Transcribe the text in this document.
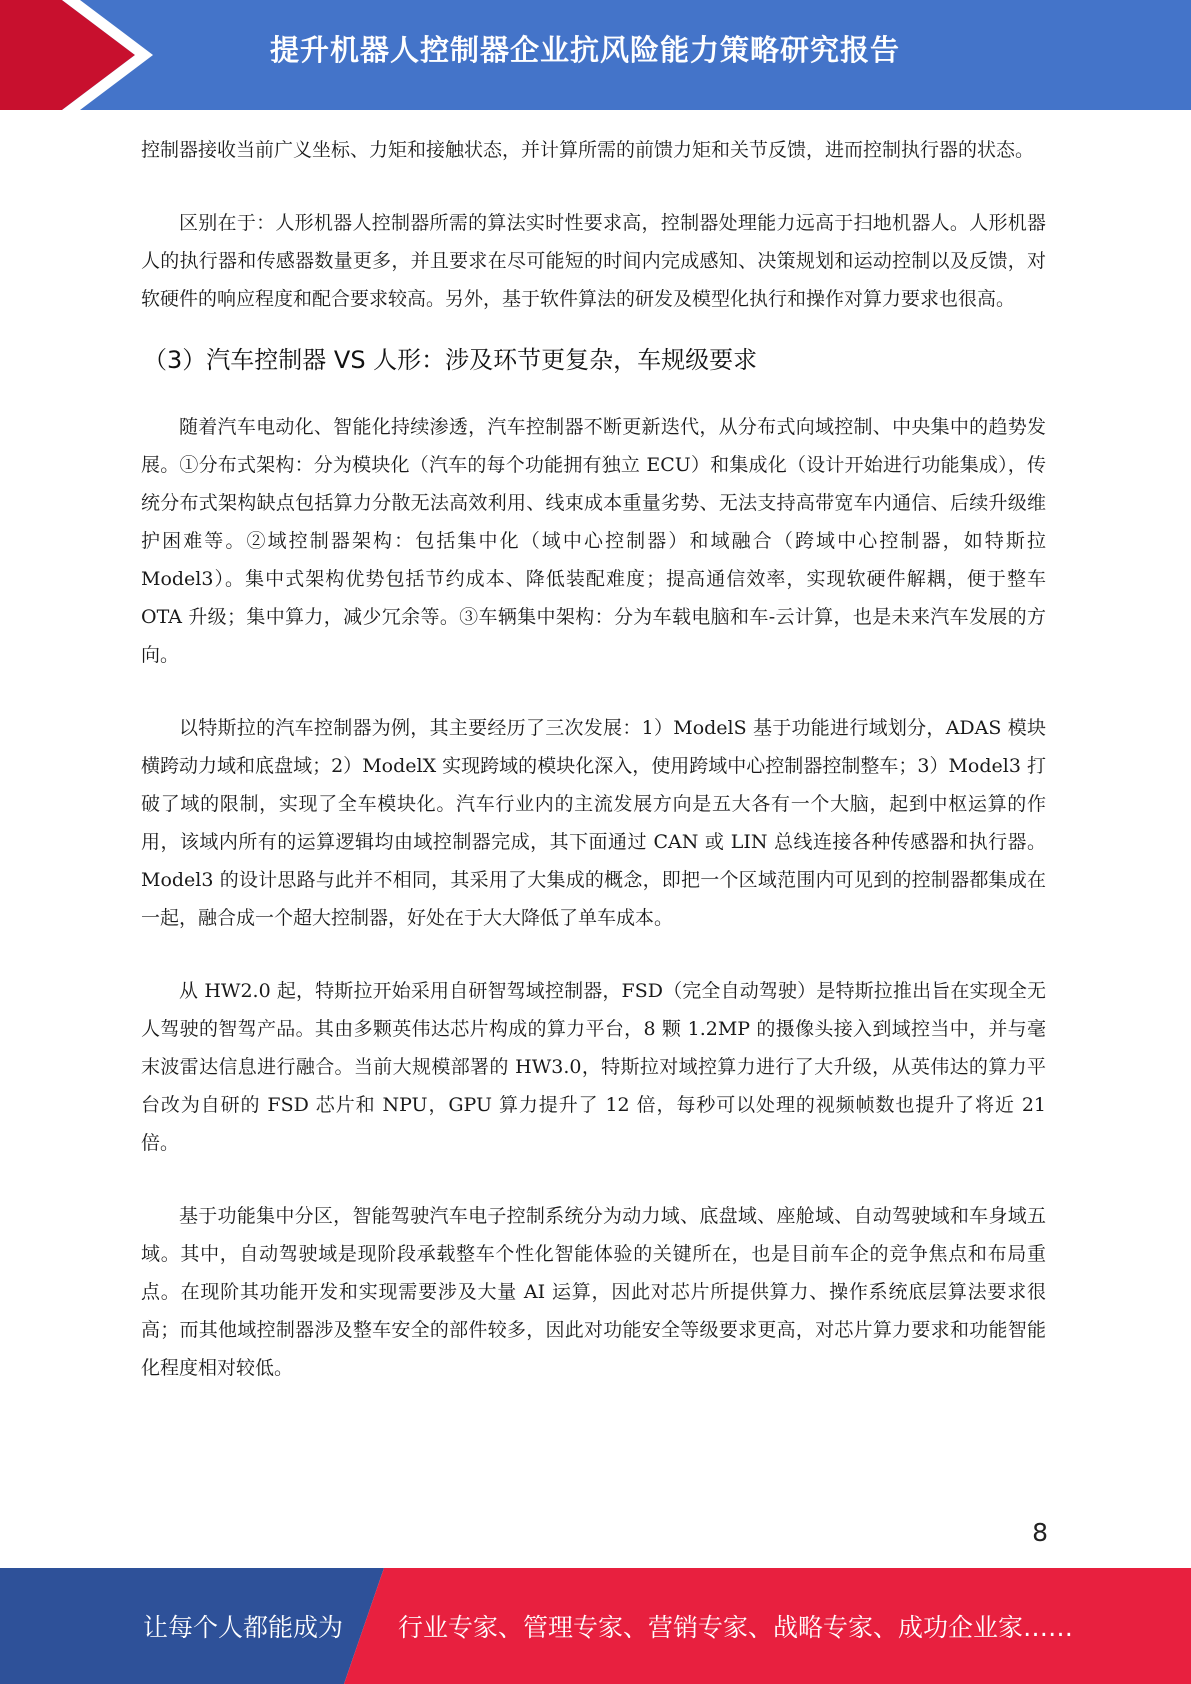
提升机器人控制器企业抗风险能力策略研究报告

控制器接收当前广义坐标、力矩和接触状态，并计算所需的前馈力矩和关节反馈，进而控制执行器的状态。

区别在于：人形机器人控制器所需的算法实时性要求高，控制器处理能力远高于扫地机器人。人形机器人的执行器和传感器数量更多，并且要求在尽可能短的时间内完成感知、决策规划和运动控制以及反馈，对软硬件的响应程度和配合要求较高。另外，基于软件算法的研发及模型化执行和操作对算力要求也很高。

（3）汽车控制器 VS 人形：涉及环节更复杂，车规级要求

随着汽车电动化、智能化持续渗透，汽车控制器不断更新迭代，从分布式向域控制、中央集中的趋势发展。①分布式架构：分为模块化（汽车的每个功能拥有独立 ECU）和集成化（设计开始进行功能集成），传统分布式架构缺点包括算力分散无法高效利用、线束成本重量劣势、无法支持高带宽车内通信、后续升级维护困难等。②域控制器架构：包括集中化（域中心控制器）和域融合（跨域中心控制器，如特斯拉 Model3）。集中式架构优势包括节约成本、降低装配难度；提高通信效率，实现软硬件解耦，便于整车 OTA 升级；集中算力，减少冗余等。③车辆集中架构：分为车载电脑和车-云计算，也是未来汽车发展的方向。

以特斯拉的汽车控制器为例，其主要经历了三次发展：1）ModelS 基于功能进行域划分，ADAS 模块横跨动力域和底盘域；2）ModelX 实现跨域的模块化深入，使用跨域中心控制器控制整车；3）Model3 打破了域的限制，实现了全车模块化。汽车行业内的主流发展方向是五大各有一个大脑，起到中枢运算的作用，该域内所有的运算逻辑均由域控制器完成，其下面通过 CAN 或 LIN 总线连接各种传感器和执行器。Model3 的设计思路与此并不相同，其采用了大集成的概念，即把一个区域范围内可见到的控制器都集成在一起，融合成一个超大控制器，好处在于大大降低了单车成本。

从 HW2.0 起，特斯拉开始采用自研智驾域控制器，FSD（完全自动驾驶）是特斯拉推出旨在实现全无人驾驶的智驾产品。其由多颗英伟达芯片构成的算力平台，8 颗 1.2MP 的摄像头接入到域控当中，并与毫末波雷达信息进行融合。当前大规模部署的 HW3.0，特斯拉对域控算力进行了大升级，从英伟达的算力平台改为自研的 FSD 芯片和 NPU，GPU 算力提升了 12 倍，每秒可以处理的视频帧数也提升了将近 21 倍。

基于功能集中分区，智能驾驶汽车电子控制系统分为动力域、底盘域、座舱域、自动驾驶域和车身域五域。其中，自动驾驶域是现阶段承载整车个性化智能体验的关键所在，也是目前车企的竞争焦点和布局重点。在现阶其功能开发和实现需要涉及大量 AI 运算，因此对芯片所提供算力、操作系统底层算法要求很高；而其他域控制器涉及整车安全的部件较多，因此对功能安全等级要求更高，对芯片算力要求和功能智能化程度相对较低。

8
让每个人都能成为 行业专家、管理专家、营销专家、战略专家、成功企业家……
